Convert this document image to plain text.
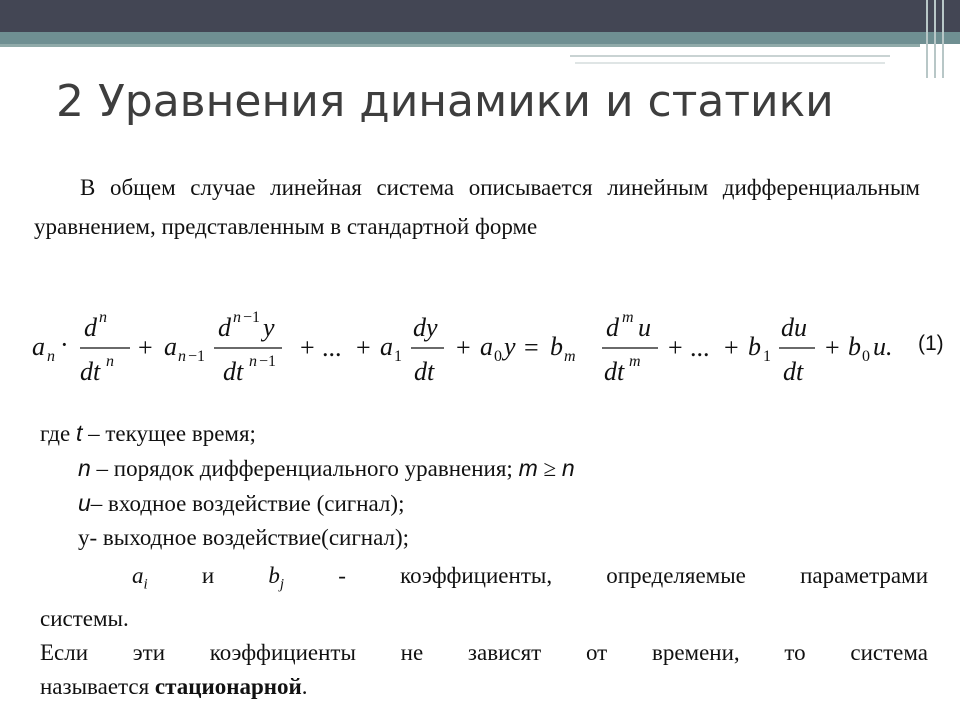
2 Уравнения динамики и статики
В общем случае линейная система описывается линейным дифференциальным уравнением, представленным в стандартной форме
a n ·
d n
dt n + a n −1
d n −1 y
dt n −1 + ... + a 1
dy
dt
+ a 0 y = b m
d m u
dt m + ... + b 1
du
dt
+ b 0 u. (1)
где t – текущее время;
n – порядок дифференциального уравнения; m ≥ n
u– входное воздействие (сигнал);
y- выходное воздействие(сигнал);
$a_i$ и $b_j$ - коэффициенты, определяемые параметрами
системы.
Если эти коэффициенты не зависят от времени, то система
называется стационарной.
